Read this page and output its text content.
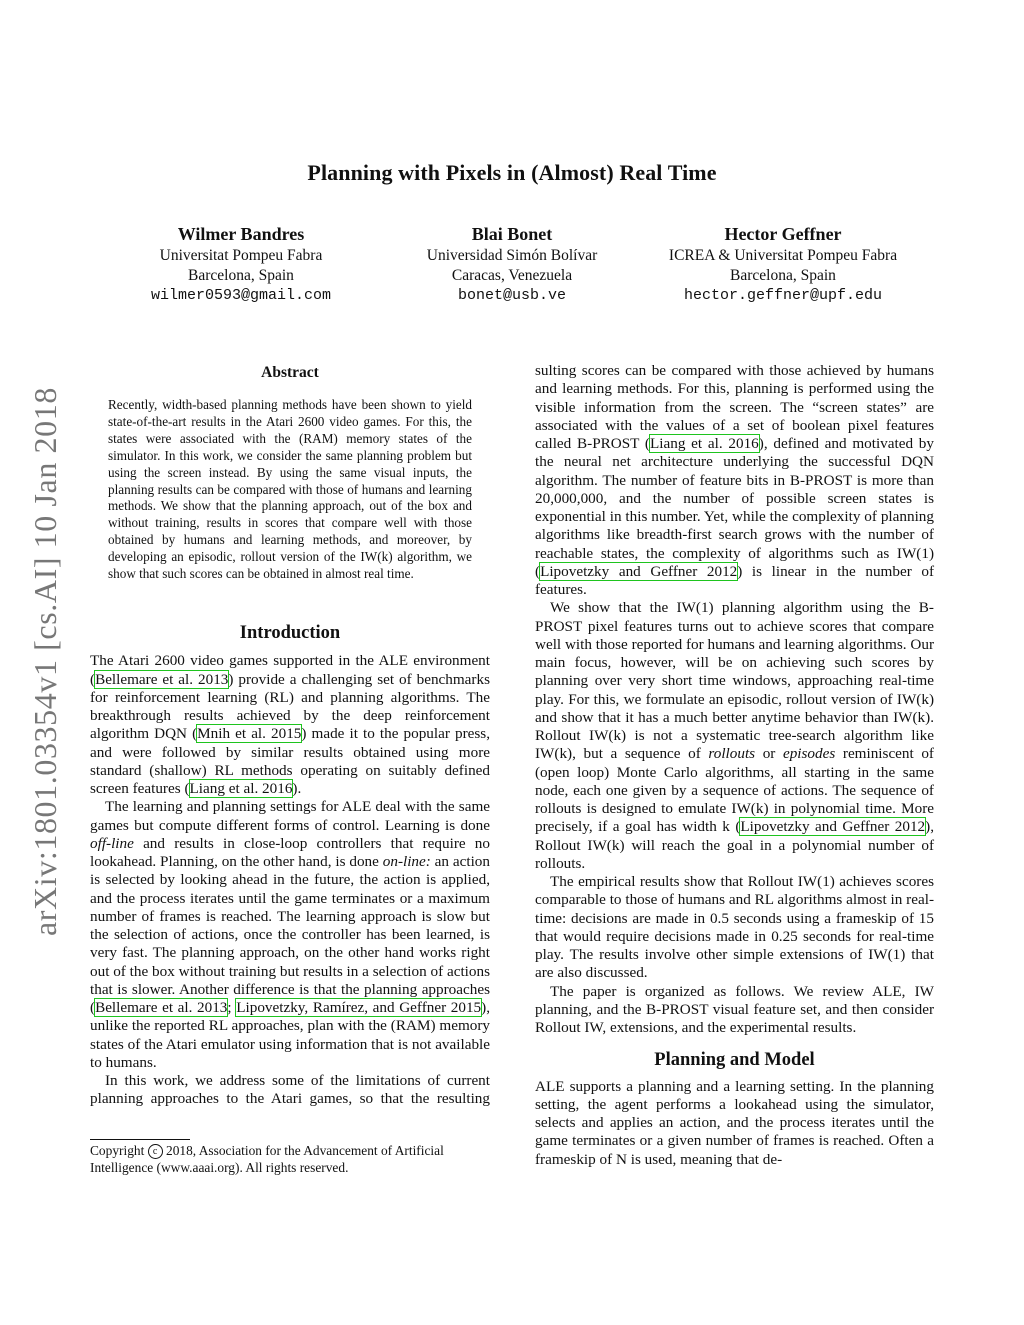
arXiv:1801.03354v1 [cs.AI] 10 Jan 2018
Planning with Pixels in (Almost) Real Time
Wilmer Bandres
Universitat Pompeu Fabra
Barcelona, Spain
wilmer0593@gmail.com
Blai Bonet
Universidad Simón Bolívar
Caracas, Venezuela
bonet@usb.ve
Hector Geffner
ICREA & Universitat Pompeu Fabra
Barcelona, Spain
hector.geffner@upf.edu
Abstract
Recently, width-based planning methods have been shown to yield state-of-the-art results in the Atari 2600 video games. For this, the states were associated with the (RAM) memory states of the simulator. In this work, we consider the same planning problem but using the screen instead. By using the same visual inputs, the planning results can be compared with those of humans and learning methods. We show that the planning approach, out of the box and without training, results in scores that compare well with those obtained by humans and learning methods, and moreover, by developing an episodic, rollout version of the IW(k) algorithm, we show that such scores can be obtained in almost real time.
Introduction

The Atari 2600 video games supported in the ALE environment (Bellemare et al. 2013) provide a challenging set of benchmarks for reinforcement learning (RL) and planning algorithms. The breakthrough results achieved by the deep reinforcement algorithm DQN (Mnih et al. 2015) made it to the popular press, and were followed by similar results obtained using more standard (shallow) RL methods operating on suitably defined screen features (Liang et al. 2016).

The learning and planning settings for ALE deal with the same games but compute different forms of control. Learning is done off-line and results in close-loop controllers that require no lookahead. Planning, on the other hand, is done on-line: an action is selected by looking ahead in the future, the action is applied, and the process iterates until the game terminates or a maximum number of frames is reached. The learning approach is slow but the selection of actions, once the controller has been learned, is very fast. The planning approach, on the other hand works right out of the box without training but results in a selection of actions that is slower. Another difference is that the planning approaches (Bellemare et al. 2013; Lipovetzky, Ramírez, and Geffner 2015), unlike the reported RL approaches, plan with the (RAM) memory states of the Atari emulator using information that is not available to humans.

In this work, we address some of the limitations of current planning approaches to the Atari games, so that the resulting

sulting scores can be compared with those achieved by humans and learning methods. For this, planning is performed using the visible information from the screen. The “screen states” are associated with the values of a set of boolean pixel features called B-PROST (Liang et al. 2016), defined and motivated by the neural net architecture underlying the successful DQN algorithm. The number of feature bits in B-PROST is more than 20,000,000, and the number of possible screen states is exponential in this number. Yet, while the complexity of planning algorithms like breadth-first search grows with the number of reachable states, the complexity of algorithms such as IW(1) (Lipovetzky and Geffner 2012) is linear in the number of features.

We show that the IW(1) planning algorithm using the B-PROST pixel features turns out to achieve scores that compare well with those reported for humans and learning algorithms. Our main focus, however, will be on achieving such scores by planning over very short time windows, approaching real-time play. For this, we formulate an episodic, rollout version of IW(k) and show that it has a much better anytime behavior than IW(k). Rollout IW(k) is not a systematic tree-search algorithm like IW(k), but a sequence of rollouts or episodes reminiscent of (open loop) Monte Carlo algorithms, all starting in the same node, each one given by a sequence of actions. The sequence of rollouts is designed to emulate IW(k) in polynomial time. More precisely, if a goal has width k (Lipovetzky and Geffner 2012), Rollout IW(k) will reach the goal in a polynomial number of rollouts.

The empirical results show that Rollout IW(1) achieves scores comparable to those of humans and RL algorithms almost in real-time: decisions are made in 0.5 seconds using a frameskip of 15 that would require decisions made in 0.25 seconds for real-time play. The results involve other simple extensions of IW(1) that are also discussed.

The paper is organized as follows. We review ALE, IW planning, and the B-PROST visual feature set, and then consider Rollout IW, extensions, and the experimental results.

Planning and Model

ALE supports a planning and a learning setting. In the planning setting, the agent performs a lookahead using the simulator, selects and applies an action, and the process iterates until the game terminates or a given number of frames is reached. Often a frameskip of N is used, meaning that de-

Copyright c 2018, Association for the Advancement of Artificial Intelligence (www.aaai.org). All rights reserved.
